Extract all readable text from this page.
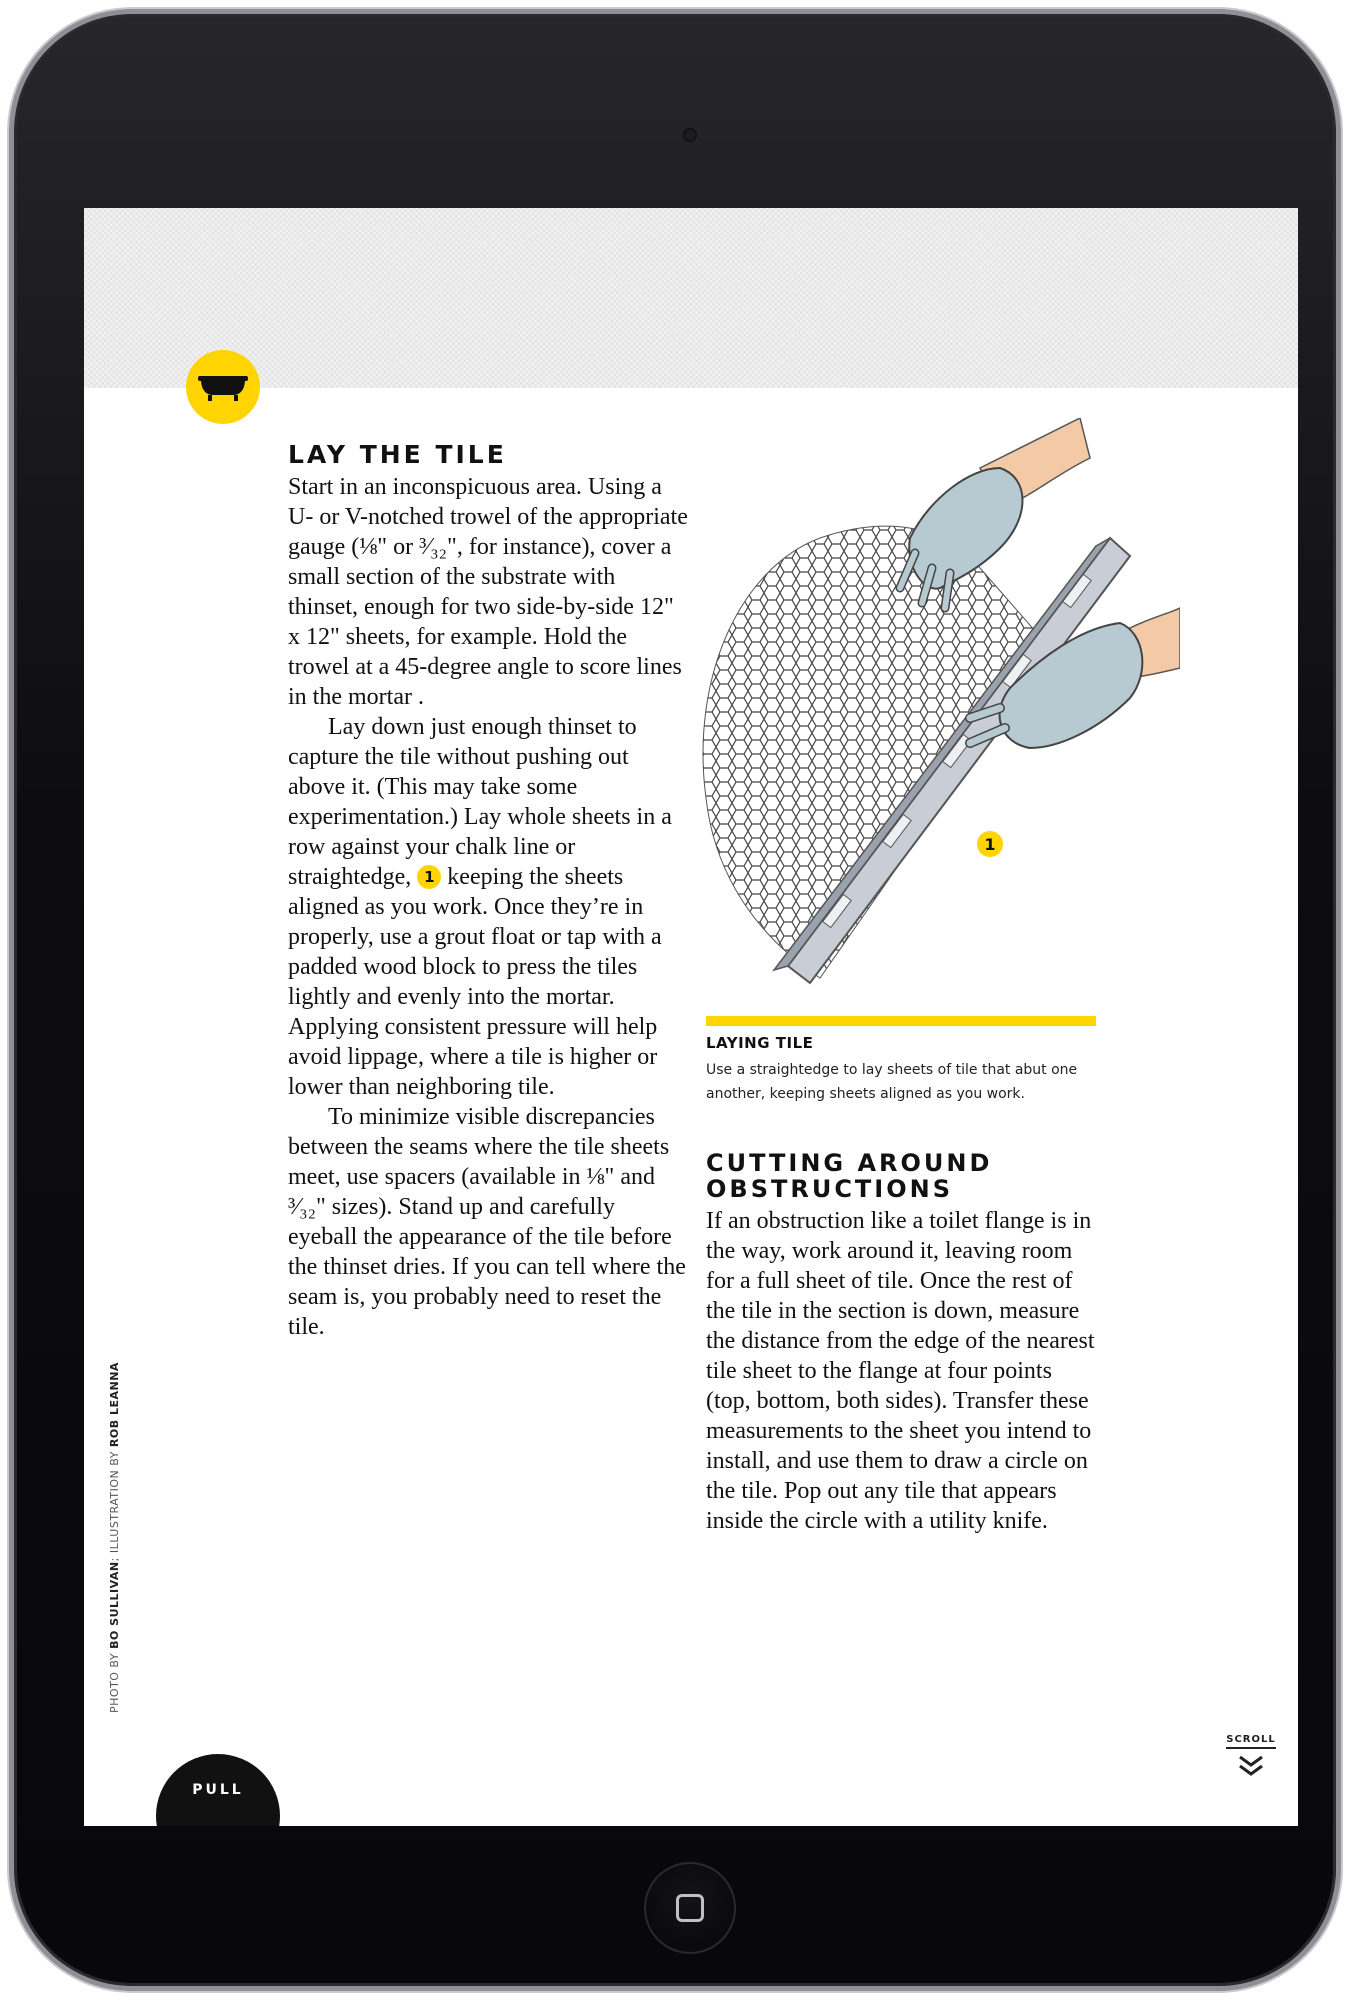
LAY THE TILE

Start in an inconspicuous area. Using a U- or V-notched trowel of the appropriate gauge (⅛" or ³⁄₃₂", for instance), cover a small section of the substrate with thinset, enough for two side-by-side 12" x 12" sheets, for example. Hold the trowel at a 45-degree angle to score lines in the mortar .

Lay down just enough thinset to capture the tile without pushing out above it. (This may take some experimentation.) Lay whole sheets in a row against your chalk line or straightedge, 1 keeping the sheets aligned as you work. Once they’re in properly, use a grout float or tap with a padded wood block to press the tiles lightly and evenly into the mortar. Applying consistent pressure will help avoid lippage, where a tile is higher or lower than neighboring tile.

To minimize visible discrepancies between the seams where the tile sheets meet, use spacers (available in ⅛" and ³⁄₃₂" sizes). Stand up and carefully eyeball the appearance of the tile before the thinset dries. If you can tell where the seam is, you probably need to reset the tile.

1
LAYING TILE
Use a straightedge to lay sheets of tile that abut one another, keeping sheets aligned as you work.
CUTTING AROUND OBSTRUCTIONS

If an obstruction like a toilet flange is in the way, work around it, leaving room for a full sheet of tile. Once the rest of the tile in the section is down, measure the distance from the edge of the nearest tile sheet to the flange at four points (top, bottom, both sides). Transfer these measurements to the sheet you intend to install, and use them to draw a circle on the tile. Pop out any tile that appears inside the circle with a utility knife.

PHOTO BY BO SULLIVAN; ILLUSTRATION BY ROB LEANNA
SCROLL
PULL
